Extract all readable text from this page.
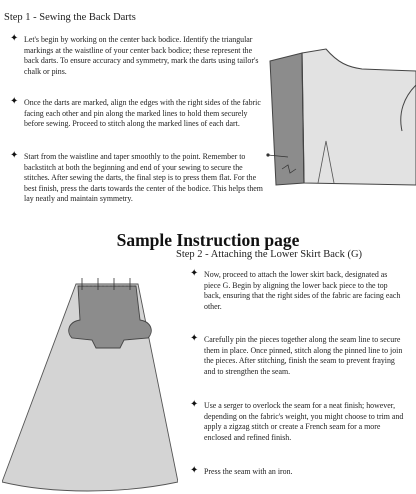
Step 1 - Sewing the Back Darts
✦ Let's begin by working on the center back bodice. Identify the triangular markings at the waistline of your center back bodice; these represent the back darts. To ensure accuracy and symmetry, mark the darts using tailor's chalk or pins.
✦ Once the darts are marked, align the edges with the right sides of the fabric facing each other and pin along the marked lines to hold them securely before sewing. Proceed to stitch along the marked lines of each dart.
✦ Start from the waistline and taper smoothly to the point. Remember to backstitch at both the beginning and end of your sewing to secure the stitches. After sewing the darts, the final step is to press them flat. For the best finish, press the darts towards the center of the bodice. This helps them lay neatly and maintain symmetry.
Sample Instruction page
Step 2 - Attaching the Lower Skirt Back (G)
✦ Now, proceed to attach the lower skirt back, designated as piece G. Begin by aligning the lower back piece to the top back, ensuring that the right sides of the fabric are facing each other.
✦ Carefully pin the pieces together along the seam line to secure them in place. Once pinned, stitch along the pinned line to join the pieces. After stitching, finish the seam to prevent fraying and to strengthen the seam.
✦ Use a serger to overlock the seam for a neat finish; however, depending on the fabric's weight, you might choose to trim and apply a zigzag stitch or create a French seam for a more enclosed and refined finish.
✦ Press the seam with an iron.
